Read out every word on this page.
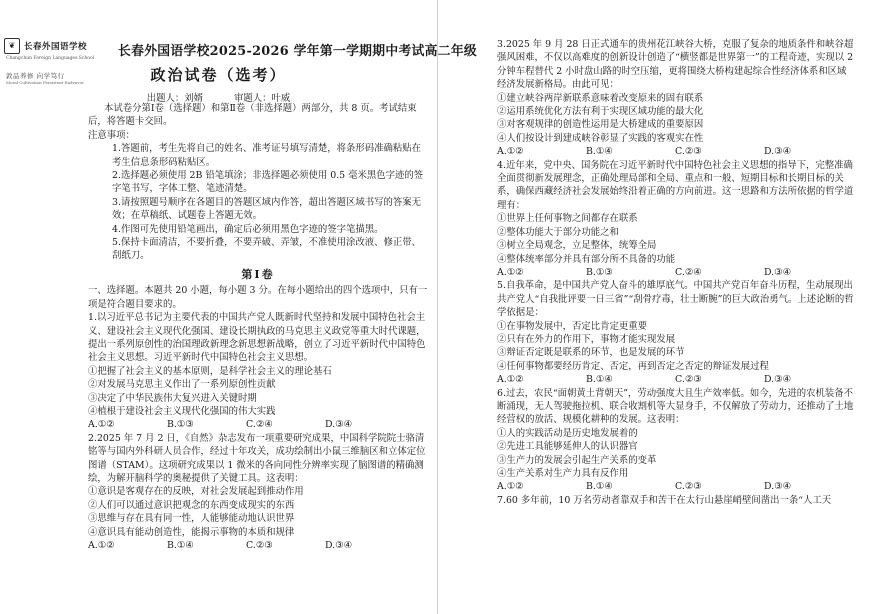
❦	长春外国语学校
Changchun Foreign Languages School
敦品养修 向学笃行
Moral Cultivation Persistent Endeavor
长春外国语学校2025-2026 学年第一学期期中考试高二年级
政治试卷（选考）
出题人：刘婿	审题人：叶威

本试卷分第Ⅰ卷（选择题）和第Ⅱ卷（非选择题）两部分，共 8 页。考试结束后，将答题卡交回。

注意事项：

1.答题前，考生先将自己的姓名、准考证号填写清楚，将条形码准确粘贴在考生信息条形码粘贴区。

2.选择题必须使用 2B 铅笔填涂；非选择题必须使用 0.5 毫米黑色字迹的签字笔书写，字体工整、笔迹清楚。

3.请按照题号顺序在各题目的答题区域内作答，超出答题区域书写的答案无效；在草稿纸、试题卷上答题无效。

4.作图可先使用铅笔画出，确定后必须用黑色字迹的签字笔描黑。

5.保持卡面清洁，不要折叠，不要弄破、弄皱，不准使用涂改液、修正带、刮纸刀。

第Ⅰ卷

一、选择题。本题共 20 小题，每小题 3 分。在每小题给出的四个选项中，只有一项是符合题目要求的。

1.以习近平总书记为主要代表的中国共产党人既新时代坚持和发展中国特色社会主义、建设社会主义现代化强国、建设长期执政的马克思主义政党等重大时代课题，提出一系列原创性的治国理政新理念新思想新战略，创立了习近平新时代中国特色社会主义思想。习近平新时代中国特色社会主义思想。

①把握了社会主义的基本原则，是科学社会主义的理论基石

②对发展马克思主义作出了一系列原创性贡献

③决定了中华民族伟大复兴进入关键时期

④植根于建设社会主义现代化强国的伟大实践

A.①②	B.①③	C.②④	D.③④

2.2025 年 7 月 2 日，《自然》杂志发布一项重要研究成果，中国科学院院士骆清铭等与国内外科研人员合作，经过十年攻关，成功绘制出小鼠三维脑区和立体定位图谱（STAM）。这项研究成果以 1 微米的各向同性分辨率实现了脑图谱的精确测绘，为解开脑科学的奥秘提供了关键工具。这表明：

①意识是客观存在的反映，对社会发展起到推动作用

②人们可以通过意识把观念的东西变成现实的东西

③思维与存在具有同一性，人能够能动地认识世界

④意识具有能动创造性，能揭示事物的本质和规律

A.①②	B.①④	C.②③	D.③④

3.2025 年 9 月 28 日正式通车的贵州花江峡谷大桥，克服了复杂的地质条件和峡谷超强风困难，不仅以高难度的创新设计创造了“横竖都是世界第一”的工程奇迹，实现以 2 分钟车程替代 2 小时盘山路的时空压缩，更将围绕大桥构建起综合性经济体系和区域经济发展新格局。由此可见：

①建立峡谷两岸新联系意味着改变原来的固有联系

②运用系统优化方法有利于实现区域功能的最大化

③对客观规律的创造性运用是大桥建成的重要原因

④人们按设计到建成峡谷彰显了实践的客观实在性

A.①②	B.①④	C.②③	D.③④

4.近年来，党中央、国务院在习近平新时代中国特色社会主义思想的指导下，完整准确全面贯彻新发展理念，正确处理局部和全局、重点和一般、短期目标和长期目标的关系，确保西藏经济社会发展始终沿着正确的方向前进。这一思路和方法所依据的哲学道理有：

①世界上任何事物之间都存在联系

②整体功能大于部分功能之和

③树立全局观念，立足整体，统筹全局

④整体统率部分并具有部分所不具备的功能

A.①②	B.①③	C.②④	D.③④

5.自我革命，是中国共产党人奋斗的雄厚底气。中国共产党百年奋斗历程，生动展现出共产党人“自我批评要一日三省”“刮骨疗毒，壮士断腕”的巨大政治勇气。上述论断的哲学依据是：

①在事物发展中，否定比肯定更重要

②只有在外力的作用下，事物才能实现发展

③辩证否定既是联系的环节，也是发展的环节

④任何事物都要经历肯定、否定，再到否定之否定的辩证发展过程

A.①②	B.①④	C.②③	D.③④

6.过去，农民“面朝黄土背朝天”，劳动强度大且生产效率低。如今，先进的农机装备不断涌现，无人驾驶拖拉机、联合收割机等大显身手，不仅解放了劳动力，还推动了土地经营权的放活、规模化耕种的发展。这表明：

①人的实践活动是历史地发展着的

②先进工具能够延伸人的认识器官

③生产力的发展会引起生产关系的变革

④生产关系对生产力具有反作用

A.①②	B.①④	C.②③	D.③④

7.60 多年前，10 万名劳动者靠双手和苦干在太行山悬崖峭壁间凿出一条“人工天
